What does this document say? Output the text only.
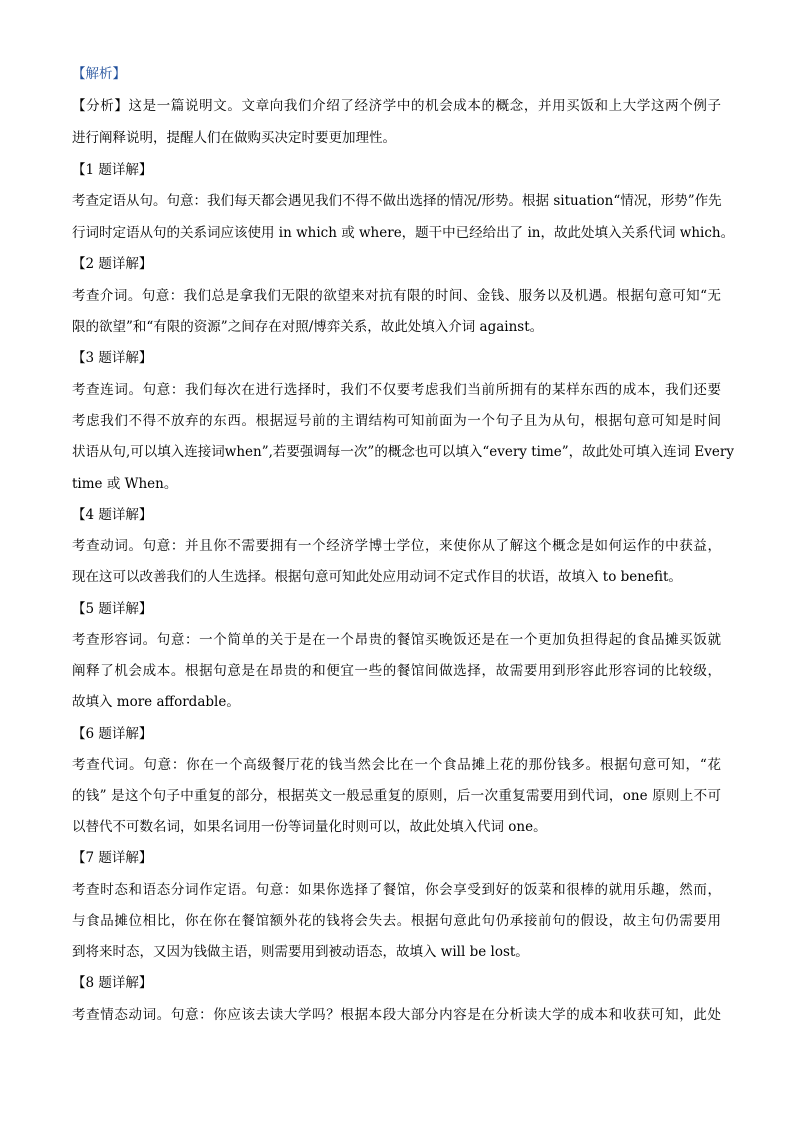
【解析】
【分析】这是一篇说明文。文章向我们介绍了经济学中的机会成本的概念，并用买饭和上大学这两个例子
进行阐释说明，提醒人们在做购买决定时要更加理性。
【1 题详解】
考查定语从句。句意：我们每天都会遇见我们不得不做出选择的情况/形势。根据 situation“情况，形势”作先
行词时定语从句的关系词应该使用 in which 或 where，题干中已经给出了 in，故此处填入关系代词 which。
【2 题详解】
考查介词。句意：我们总是拿我们无限的欲望来对抗有限的时间、金钱、服务以及机遇。根据句意可知“无
限的欲望”和“有限的资源”之间存在对照/博弈关系，故此处填入介词 against。
【3 题详解】
考查连词。句意：我们每次在进行选择时，我们不仅要考虑我们当前所拥有的某样东西的成本，我们还要
考虑我们不得不放弃的东西。根据逗号前的主谓结构可知前面为一个句子且为从句，根据句意可知是时间
状语从句,可以填入连接词when”,若要强调每一次”的概念也可以填入“every time”，故此处可填入连词 Every
time 或 When。
【4 题详解】
考查动词。句意：并且你不需要拥有一个经济学博士学位，来使你从了解这个概念是如何运作的中获益，
现在这可以改善我们的人生选择。根据句意可知此处应用动词不定式作目的状语，故填入 to benefit。
【5 题详解】
考查形容词。句意：一个简单的关于是在一个昂贵的餐馆买晚饭还是在一个更加负担得起的食品摊买饭就
阐释了机会成本。根据句意是在昂贵的和便宜一些的餐馆间做选择，故需要用到形容此形容词的比较级，
故填入 more affordable。
【6 题详解】
考查代词。句意：你在一个高级餐厅花的钱当然会比在一个食品摊上花的那份钱多。根据句意可知，“花
的钱” 是这个句子中重复的部分，根据英文一般忌重复的原则，后一次重复需要用到代词，one 原则上不可
以替代不可数名词，如果名词用一份等词量化时则可以，故此处填入代词 one。
【7 题详解】
考查时态和语态分词作定语。句意：如果你选择了餐馆，你会享受到好的饭菜和很棒的就用乐趣，然而，
与食品摊位相比，你在你在餐馆额外花的钱将会失去。根据句意此句仍承接前句的假设，故主句仍需要用
到将来时态，又因为钱做主语，则需要用到被动语态，故填入 will be lost。
【8 题详解】
考查情态动词。句意：你应该去读大学吗？根据本段大部分内容是在分析读大学的成本和收获可知，此处
